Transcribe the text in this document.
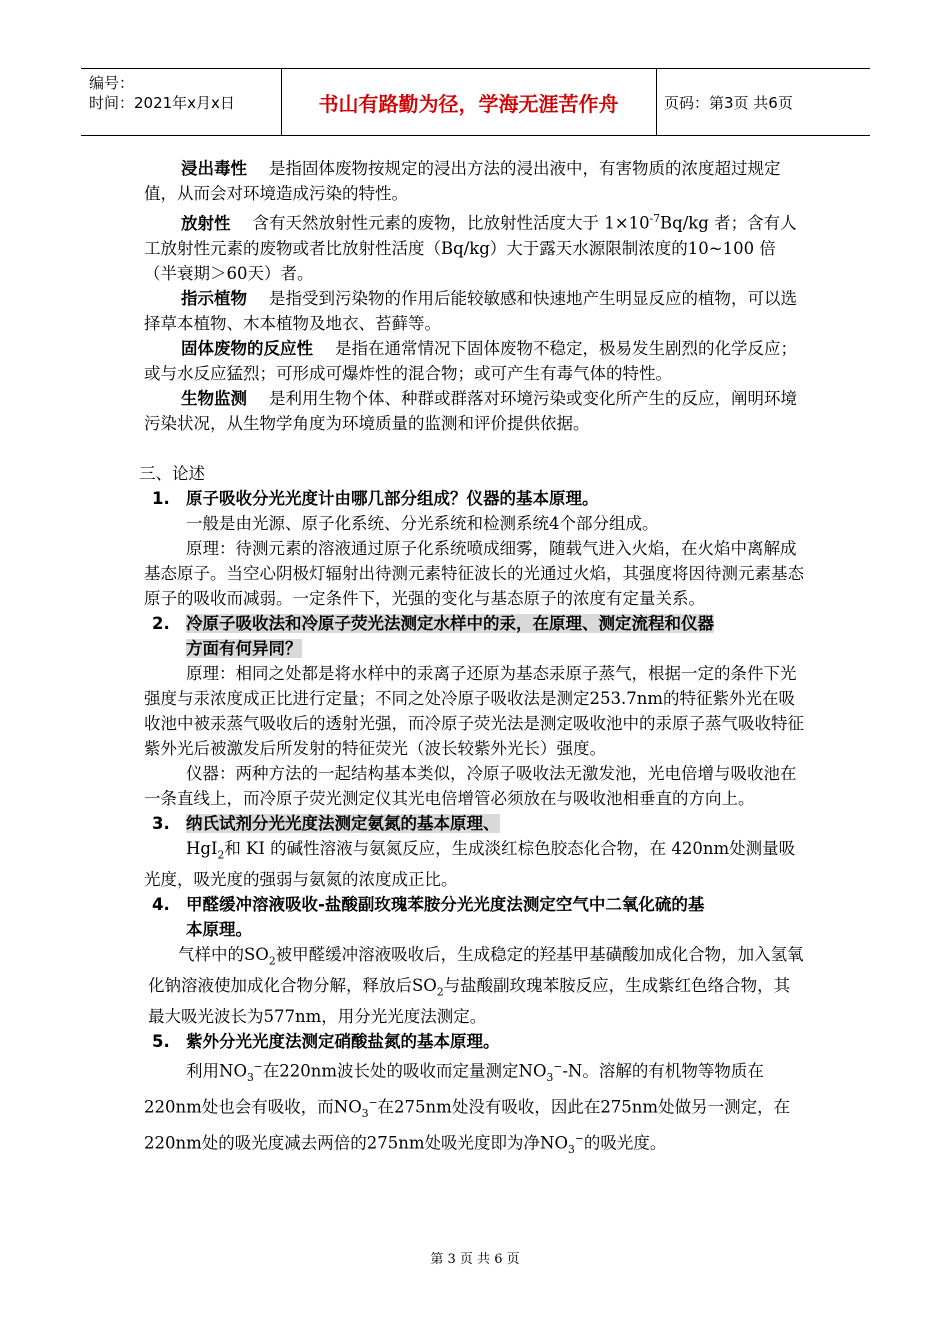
编号：
时间：2021年x月x日	书山有路勤为径，学海无涯苦作舟	页码：第3页 共6页

浸出毒性 是指固体废物按规定的浸出方法的浸出液中，有害物质的浓度超过规定值，从而会对环境造成污染的特性。

放射性 含有天然放射性元素的废物，比放射性活度大于 $1\times 10^{-7}Bq/kg$ 者；含有人工放射性元素的废物或者比放射性活度（Bq/kg）大于露天水源限制浓度的10~100 倍（半衰期＞60天）者。

指示植物 是指受到污染物的作用后能较敏感和快速地产生明显反应的植物，可以选择草本植物、木本植物及地衣、苔藓等。

固体废物的反应性 是指在通常情况下固体废物不稳定，极易发生剧烈的化学反应；或与水反应猛烈；可形成可爆炸性的混合物；或可产生有毒气体的特性。

生物监测 是利用生物个体、种群或群落对环境污染或变化所产生的反应，阐明环境污染状况，从生物学角度为环境质量的监测和评价提供依据。

三、论述

1. 原子吸收分光光度计由哪几部分组成？仪器的基本原理。

一般是由光源、原子化系统、分光系统和检测系统4个部分组成。

原理：待测元素的溶液通过原子化系统喷成细雾，随载气进入火焰，在火焰中离解成基态原子。当空心阴极灯辐射出待测元素特征波长的光通过火焰，其强度将因待测元素基态原子的吸收而减弱。一定条件下，光强的变化与基态原子的浓度有定量关系。

2. 冷原子吸收法和冷原子荧光法测定水样中的汞，在原理、测定流程和仪器
方面有何异同？

原理：相同之处都是将水样中的汞离子还原为基态汞原子蒸气，根据一定的条件下光强度与汞浓度成正比进行定量；不同之处冷原子吸收法是测定253.7nm的特征紫外光在吸收池中被汞蒸气吸收后的透射光强，而冷原子荧光法是测定吸收池中的汞原子蒸气吸收特征紫外光后被激发后所发射的特征荧光（波长较紫外光长）强度。

仪器：两种方法的一起结构基本类似，冷原子吸收法无激发池，光电倍增与吸收池在一条直线上，而冷原子荧光测定仪其光电倍增管必须放在与吸收池相垂直的方向上。

3. 纳氏试剂分光光度法测定氨氮的基本原理、

HgI$_2$和 KI 的碱性溶液与氨氮反应，生成淡红棕色胶态化合物，在 420nm处测量吸光度，吸光度的强弱与氨氮的浓度成正比。

4. 甲醛缓冲溶液吸收-盐酸副玫瑰苯胺分光光度法测定空气中二氧化硫的基
本原理。

气样中的$SO_2$被甲醛缓冲溶液吸收后，生成稳定的羟基甲基磺酸加成化合物，加入氢氧化钠溶液使加成化合物分解，释放后$SO_2$与盐酸副玫瑰苯胺反应，生成紫红色络合物，其最大吸光波长为577nm，用分光光度法测定。

5. 紫外分光光度法测定硝酸盐氮的基本原理。

利用$NO_3^-$在220nm波长处的吸收而定量测定$NO_3^--N$。溶解的有机物等物质在220nm处也会有吸收，而$NO_3^-$在275nm处没有吸收，因此在275nm处做另一测定，在220nm处的吸光度减去两倍的275nm处吸光度即为净$NO_3^-$的吸光度。

第 3 页 共 6 页
